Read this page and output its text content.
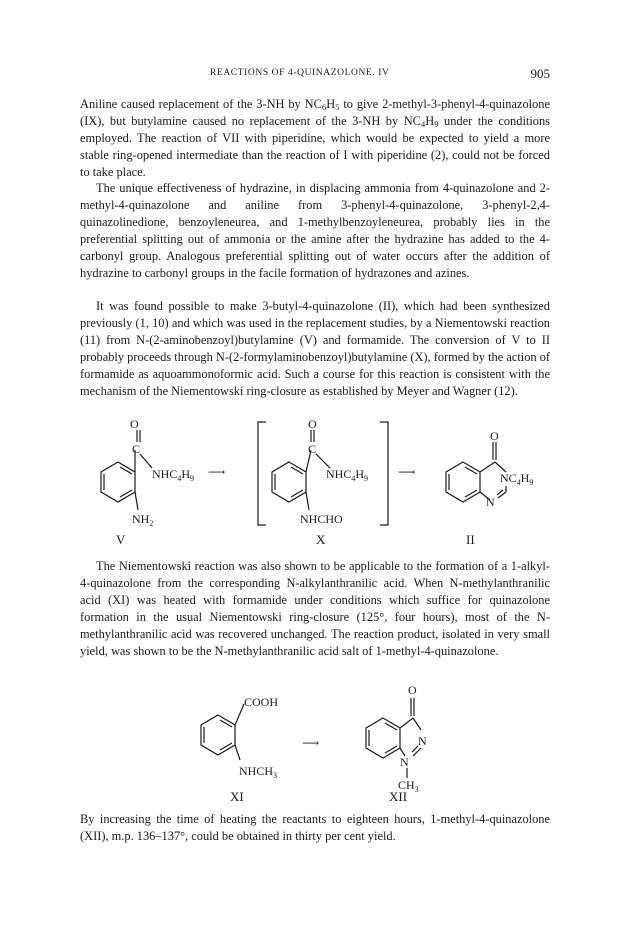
REACTIONS OF 4-QUINAZOLONE. IV	905
Aniline caused replacement of the 3-NH by $NC_6H_5$ to give 2-methyl-3-phenyl-4-quinazolone (IX), but butylamine caused no replacement of the 3-NH by $NC_4H_9$ under the conditions employed. The reaction of VII with piperidine, which would be expected to yield a more stable ring-opened intermediate than the reaction of I with piperidine (2), could not be forced to take place.
The unique effectiveness of hydrazine, in displacing ammonia from 4-quinazolone and 2-methyl-4-quinazolone and aniline from 3-phenyl-4-quinazolone, 3-phenyl-2,4-quinazolinedione, benzoyleneurea, and 1-methylbenzoyleneurea, probably lies in the preferential splitting out of ammonia or the amine after the hydrazine has added to the 4-carbonyl group. Analogous preferential splitting out of water occurs after the addition of hydrazine to carbonyl groups in the facile formation of hydrazones and azines.
It was found possible to make 3-butyl-4-quinazolone (II), which had been synthesized previously (1, 10) and which was used in the replacement studies, by a Niementowski reaction (11) from N-(2-aminobenzoyl)butylamine (V) and formamide. The conversion of V to II probably proceeds through N-(2-formylaminobenzoyl)butylamine (X), formed by the action of formamide as aquoammonoformic acid. Such a course for this reaction is consistent with the mechanism of the Niementowski ring-closure as established by Meyer and Wagner (12).
O
C
$NHC_4H_9$
$NH_2$
V
⟶
O
C
$NHC_4H_9$
NHCHO
X
⟶
O
$NC_4H_9$
N
II
The Niementowski reaction was also shown to be applicable to the formation of a 1-alkyl-4-quinazolone from the corresponding N-alkylanthranilic acid. When N-methylanthranilic acid (XI) was heated with formamide under conditions which suffice for quinazolone formation in the usual Niementowski ring-closure (125°, four hours), most of the N-methylanthranilic acid was recovered unchanged. The reaction product, isolated in very small yield, was shown to be the N-methylanthranilic acid salt of 1-methyl-4-quinazolone.
COOH
$NHCH_3$
XI
⟶
O
N
N
$CH_3$
XII
By increasing the time of heating the reactants to eighteen hours, 1-methyl-4-quinazolone (XII), m.p. 136–137°, could be obtained in thirty per cent yield.
